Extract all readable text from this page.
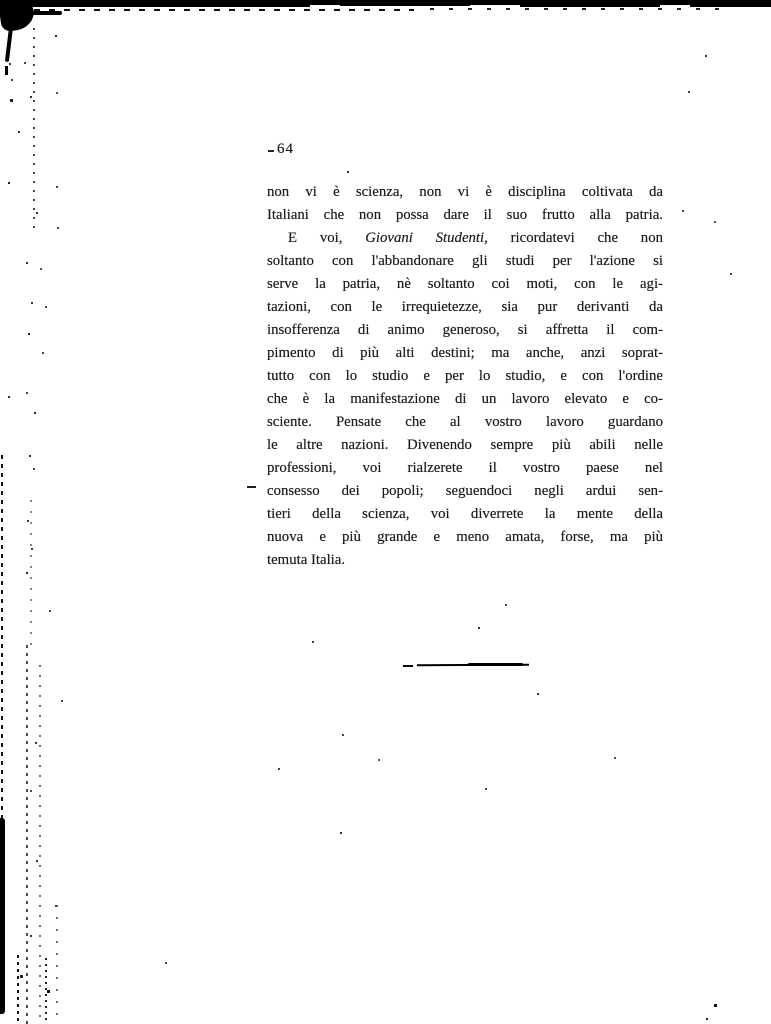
64
non vi è scienza, non vi è disciplina coltivata da
Italiani che non possa dare il suo frutto alla patria.
E voi, Giovani Studenti, ricordatevi che non
soltanto con l'abbandonare gli studi per l'azione si
serve la patria, nè soltanto coi moti, con le agi-
tazioni, con le irrequietezze, sia pur derivanti da
insofferenza di animo generoso, si affretta il com-
pimento di più alti destini; ma anche, anzi soprat-
tutto con lo studio e per lo studio, e con l'ordine
che è la manifestazione di un lavoro elevato e co-
sciente. Pensate che al vostro lavoro guardano
le altre nazioni. Divenendo sempre più abili nelle
professioni, voi rialzerete il vostro paese nel
consesso dei popoli; seguendoci negli ardui sen-
tieri della scienza, voi diverrete la mente della
nuova e più grande e meno amata, forse, ma più
temuta Italia.
